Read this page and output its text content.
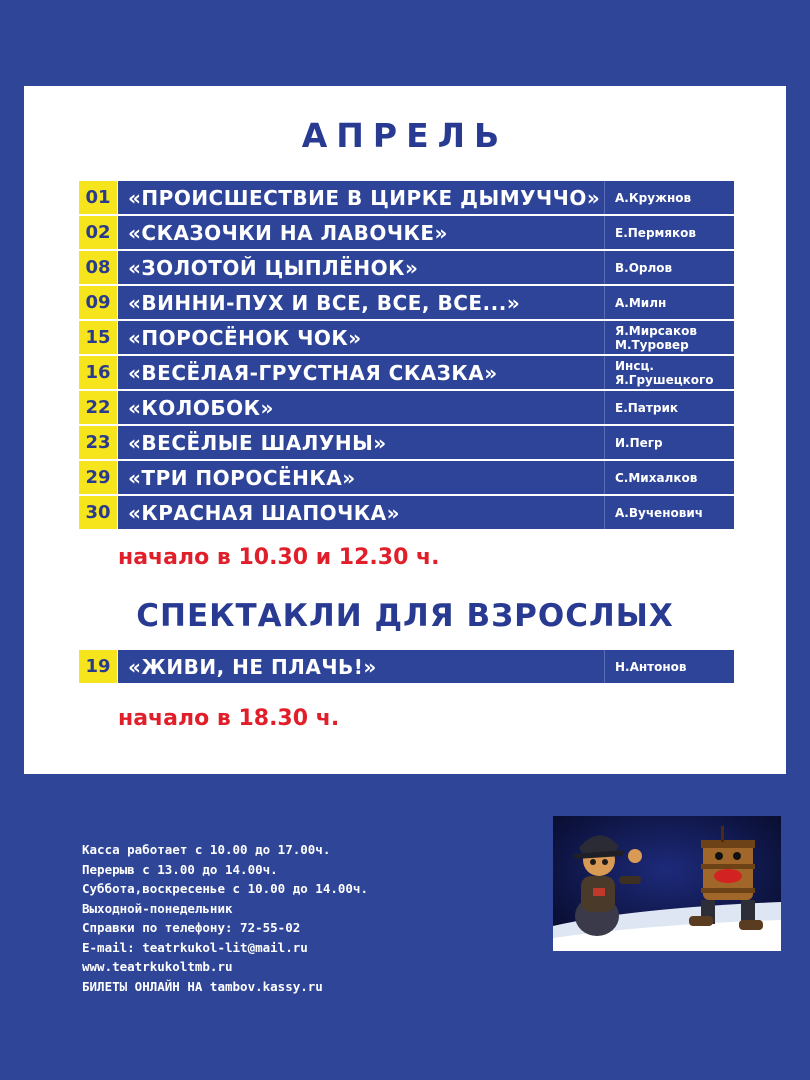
АПРЕЛЬ
01 «ПРОИСШЕСТВИЕ В ЦИРКЕ ДЫМУЧЧО»	А.Кружнов
02 «СКАЗОЧКИ НА ЛАВОЧКЕ»	Е.Пермяков
08 «ЗОЛОТОЙ ЦЫПЛЁНОК»	В.Орлов
09 «ВИННИ-ПУХ И ВСЕ, ВСЕ, ВСЕ...»	А.Милн
15 «ПОРОСЁНОК ЧОК»	Я.Мирсаков
М.Туровер
16 «ВЕСЁЛАЯ-ГРУСТНАЯ СКАЗКА»	Инсц.
Я.Грушецкого
22 «КОЛОБОК»	Е.Патрик
23 «ВЕСЁЛЫЕ ШАЛУНЫ»	И.Пегр
29 «ТРИ ПОРОСЁНКА»	С.Михалков
30 «КРАСНАЯ ШАПОЧКА»	А.Вученович
начало в 10.30 и 12.30 ч.
СПЕКТАКЛИ ДЛЯ ВЗРОСЛЫХ
19 «ЖИВИ, НЕ ПЛАЧЬ!»	Н.Антонов
начало в 18.30 ч.
Касса работает с 10.00 до 17.00ч.
Перерыв с 13.00 до 14.00ч.
Суббота,воскресенье с 10.00 до 14.00ч.
Выходной-понедельник
Справки по телефону: 72-55-02
E-mail: teatrkukol-lit@mail.ru
www.teatrkukoltmb.ru
БИЛЕТЫ ОНЛАЙН НА tambov.kassy.ru
